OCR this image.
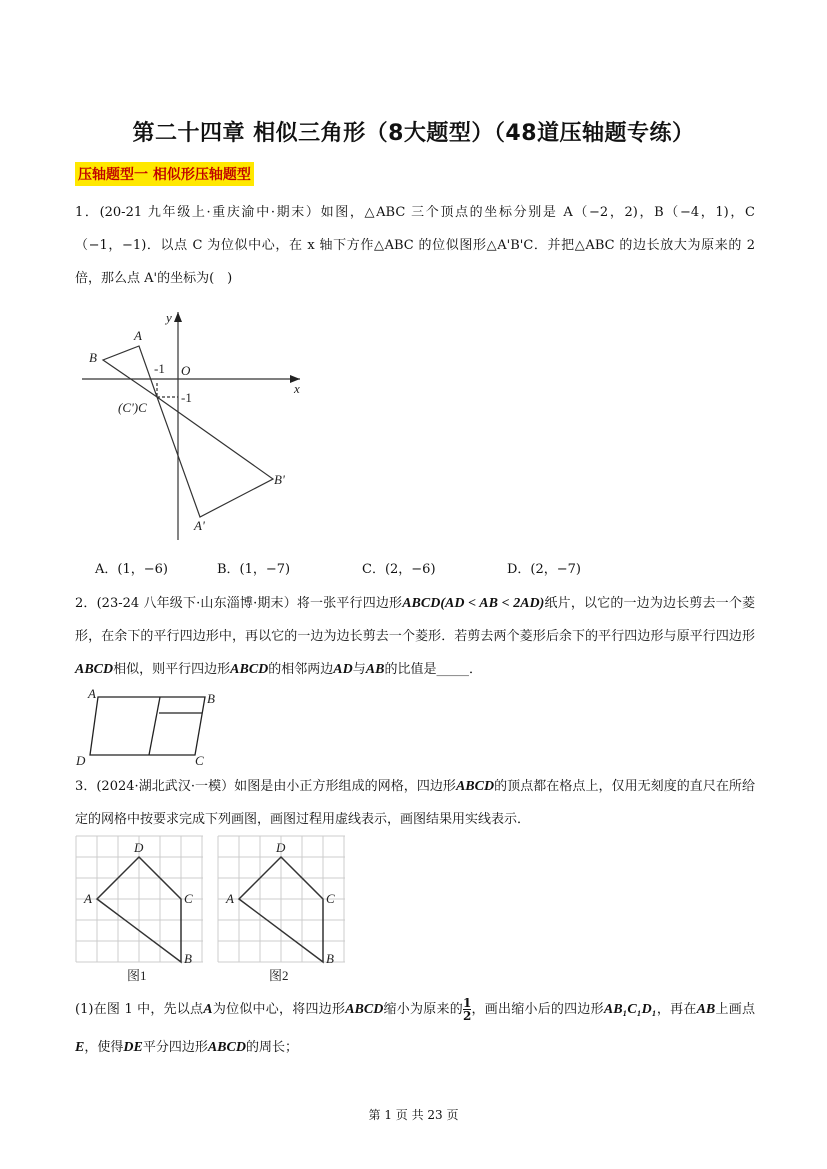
第二十四章 相似三角形（8大题型）（48道压轴题专练）
压轴题型一 相似形压轴题型
1．(20-21 九年级上·重庆渝中·期末）如图，△ABC 三个顶点的坐标分别是 A（−2，2)，B（−4，1)，C（−1，−1)．以点 C 为位似中心，在 x 轴下方作△ABC 的位似图形△A'B'C．并把△ABC 的边长放大为原来的 2 倍，那么点 A'的坐标为(　)
A
B
O
x
y
-1
-1
(C')C
B'
A'
A	B
C
D
D
A	C
B
D
A	C
B
图1	图2
A．(1，−6)	B．(1，−7)	C．(2，−6)	D．(2，−7)
2．(23-24 八年级下·山东淄博·期末）将一张平行四边形ABCD(AD < AB < 2AD)纸片，以它的一边为边长剪去一个菱形，在余下的平行四边形中，再以它的一边为边长剪去一个菱形．若剪去两个菱形后余下的平行四边形与原平行四边形ABCD相似，则平行四边形ABCD的相邻两边AD与AB的比值是_____．
3．(2024·湖北武汉·一模）如图是由小正方形组成的网格，四边形ABCD的顶点都在格点上，仅用无刻度的直尺在所给定的网格中按要求完成下列画图，画图过程用虚线表示，画图结果用实线表示．
(1)在图 1 中，先以点A为位似中心，将四边形ABCD缩小为原来的 $\frac{1}{2}$ ，画出缩小后的四边形AB₁C₁D₁，再在AB上画点E，使得DE平分四边形ABCD的周长；
第 1 页 共 23 页
